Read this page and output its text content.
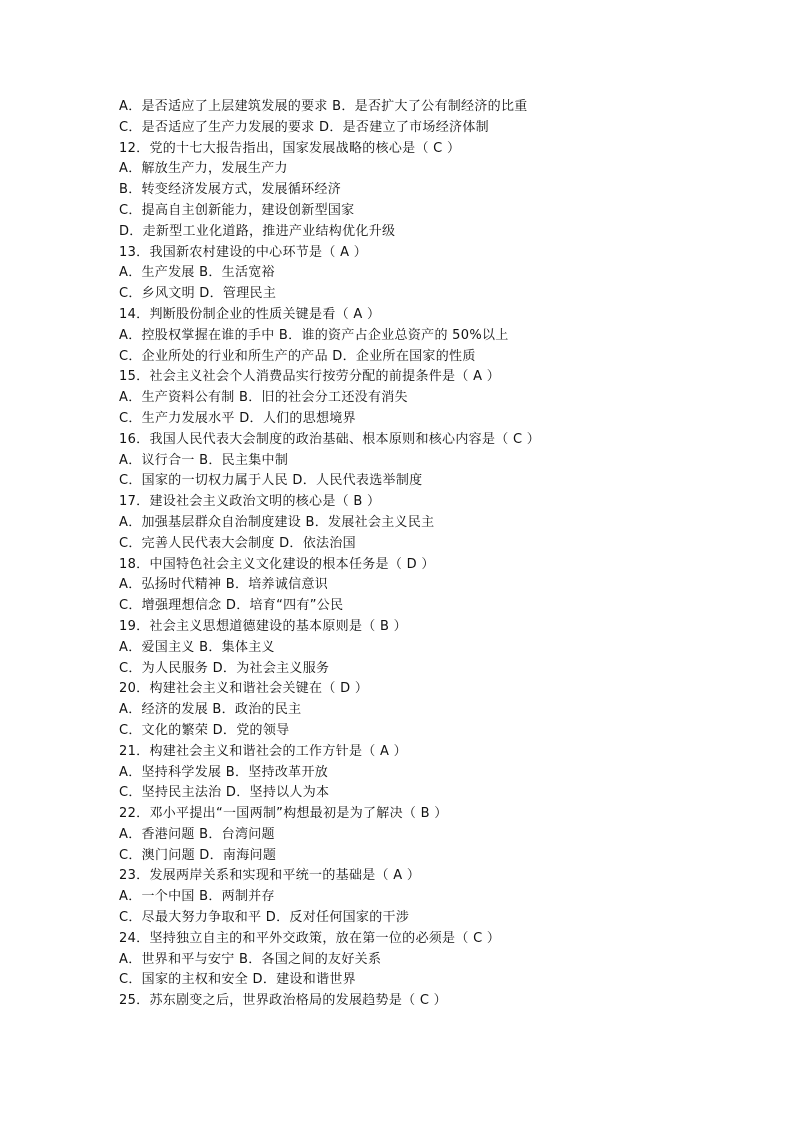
A．是否适应了上层建筑发展的要求 B．是否扩大了公有制经济的比重
C．是否适应了生产力发展的要求 D．是否建立了市场经济体制
12．党的十七大报告指出，国家发展战略的核心是（ C ）
A．解放生产力，发展生产力
B．转变经济发展方式，发展循环经济
C．提高自主创新能力，建设创新型国家
D．走新型工业化道路，推进产业结构优化升级
13．我国新农村建设的中心环节是（ A ）
A．生产发展 B．生活宽裕
C．乡风文明 D．管理民主
14．判断股份制企业的性质关键是看（ A ）
A．控股权掌握在谁的手中 B．谁的资产占企业总资产的 50%以上
C．企业所处的行业和所生产的产品 D．企业所在国家的性质
15．社会主义社会个人消费品实行按劳分配的前提条件是（ A ）
A．生产资料公有制 B．旧的社会分工还没有消失
C．生产力发展水平 D．人们的思想境界
16．我国人民代表大会制度的政治基础、根本原则和核心内容是（ C ）
A．议行合一 B．民主集中制
C．国家的一切权力属于人民 D．人民代表选举制度
17．建设社会主义政治文明的核心是（ B ）
A．加强基层群众自治制度建设 B．发展社会主义民主
C．完善人民代表大会制度 D．依法治国
18．中国特色社会主义文化建设的根本任务是（ D ）
A．弘扬时代精神 B．培养诚信意识
C．增强理想信念 D．培育“四有”公民
19．社会主义思想道德建设的基本原则是（ B ）
A．爱国主义 B．集体主义
C．为人民服务 D．为社会主义服务
20．构建社会主义和谐社会关键在（ D ）
A．经济的发展 B．政治的民主
C．文化的繁荣 D．党的领导
21．构建社会主义和谐社会的工作方针是（ A ）
A．坚持科学发展 B．坚持改革开放
C．坚持民主法治 D．坚持以人为本
22．邓小平提出“一国两制”构想最初是为了解决（ B ）
A．香港问题 B．台湾问题
C．澳门问题 D．南海问题
23．发展两岸关系和实现和平统一的基础是（ A ）
A．一个中国 B．两制并存
C．尽最大努力争取和平 D．反对任何国家的干涉
24．坚持独立自主的和平外交政策，放在第一位的必须是（ C ）
A．世界和平与安宁 B．各国之间的友好关系
C．国家的主权和安全 D．建设和谐世界
25．苏东剧变之后，世界政治格局的发展趋势是（ C ）
